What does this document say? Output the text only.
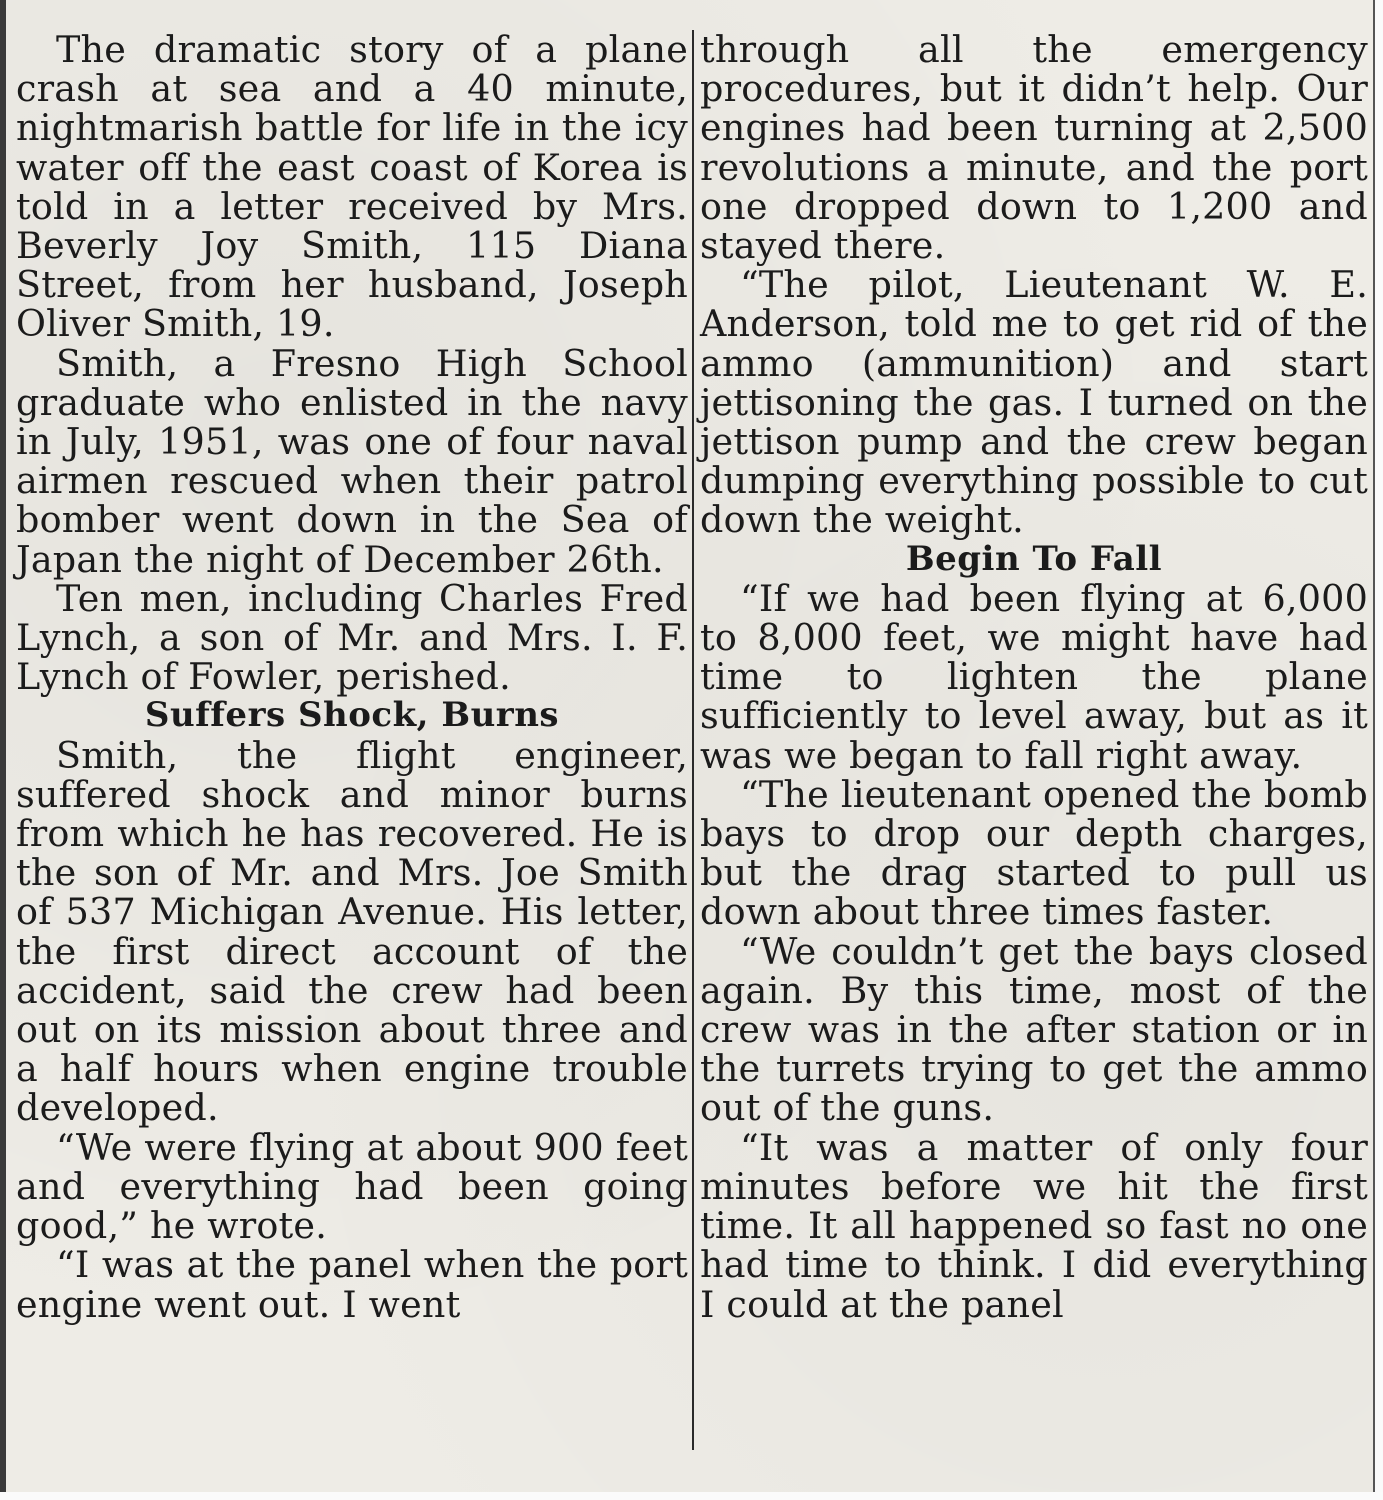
The dramatic story of a plane crash at sea and a 40 minute, nightmarish battle for life in the icy water off the east coast of Korea is told in a letter received by Mrs. Beverly Joy Smith, 115 Diana Street, from her husband, Joseph Oliver Smith, 19.

Smith, a Fresno High School graduate who enlisted in the navy in July, 1951, was one of four naval airmen rescued when their patrol bomber went down in the Sea of Japan the night of December 26th.

Ten men, including Charles Fred Lynch, a son of Mr. and Mrs. I. F. Lynch of Fowler, perished.

Suffers Shock, Burns

Smith, the flight engineer, suffered shock and minor burns from which he has recovered. He is the son of Mr. and Mrs. Joe Smith of 537 Michigan Avenue. His letter, the first direct account of the accident, said the crew had been out on its mission about three and a half hours when engine trouble developed.

“We were flying at about 900 feet and everything had been going good,” he wrote.

“I was at the panel when the port engine went out. I went

through all the emergency procedures, but it didn’t help. Our engines had been turning at 2,500 revolutions a minute, and the port one dropped down to 1,200 and stayed there.

“The pilot, Lieutenant W. E. Anderson, told me to get rid of the ammo (ammunition) and start jettisoning the gas. I turned on the jettison pump and the crew began dumping everything possible to cut down the weight.

Begin To Fall

“If we had been flying at 6,000 to 8,000 feet, we might have had time to lighten the plane sufficiently to level away, but as it was we began to fall right away.

“The lieutenant opened the bomb bays to drop our depth charges, but the drag started to pull us down about three times faster.

“We couldn’t get the bays closed again. By this time, most of the crew was in the after station or in the turrets trying to get the ammo out of the guns.

“It was a matter of only four minutes before we hit the first time. It all happened so fast no one had time to think. I did everything I could at the panel
